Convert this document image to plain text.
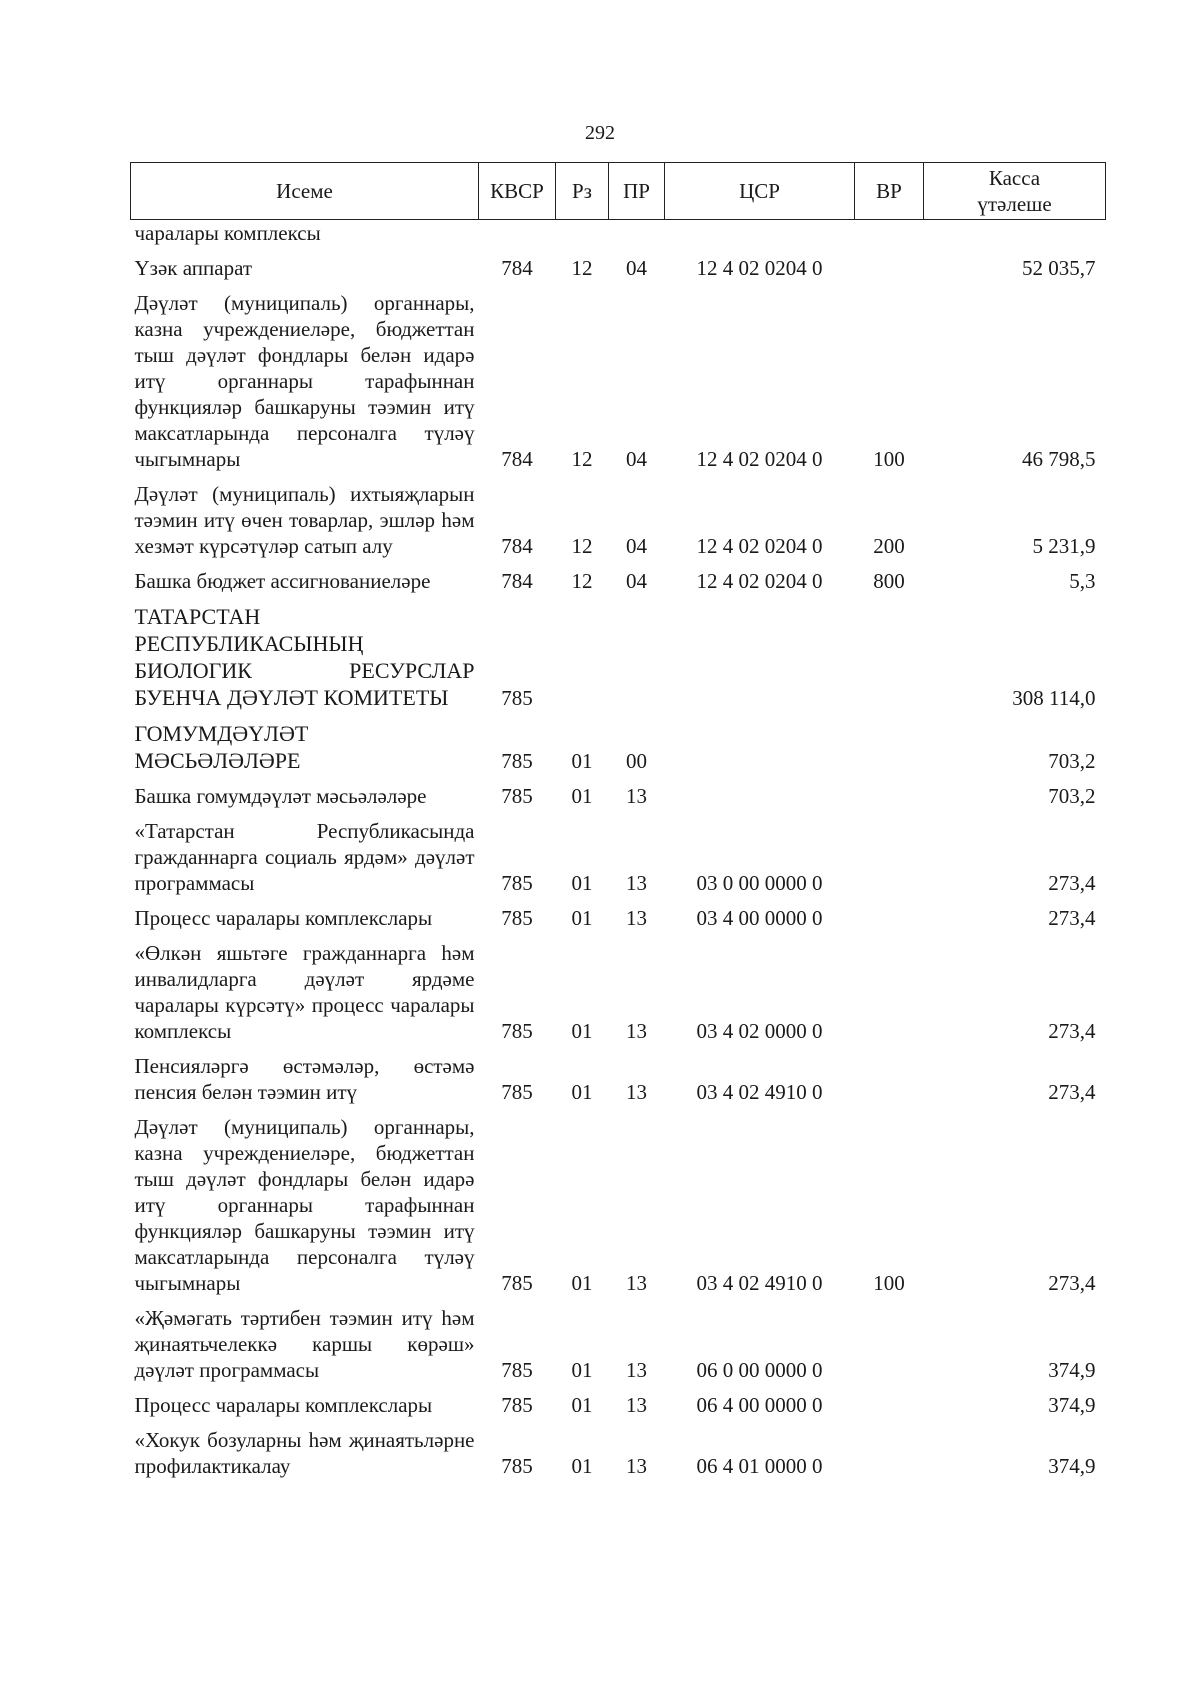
292
Исеме	КВСР	Рз	ПР	ЦСР	ВР	Касса
үтәлеше

чаралары комплексы						
Үзәк аппарат	784	12	04	12 4 02 0204 0		52 035,7
Дәүләт (муниципаль) органнары, казна учреждениеләре, бюджеттан тыш дәүләт фондлары белән идарә итү органнары тарафыннан функцияләр башкаруны тәэмин итү максатларында персоналга түләү чыгымнары	784	12	04	12 4 02 0204 0	100	46 798,5
Дәүләт (муниципаль) ихтыяҗларын тәэмин итү өчен товарлар, эшләр һәм хезмәт күрсәтүләр сатып алу	784	12	04	12 4 02 0204 0	200	5 231,9
Башка бюджет ассигнованиеләре	784	12	04	12 4 02 0204 0	800	5,3
ТАТАРСТАН РЕСПУБЛИКАСЫНЫҢ БИОЛОГИК РЕСУРСЛАР БУЕНЧА ДӘҮЛӘТ КОМИТЕТЫ	785					308 114,0
ГОМУМДӘҮЛӘТ МӘСЬӘЛӘЛӘРЕ	785	01	00			703,2
Башка гомумдәүләт мәсьәләләре	785	01	13			703,2
«Татарстан Республикасында гражданнарга социаль ярдәм» дәүләт программасы	785	01	13	03 0 00 0000 0		273,4
Процесс чаралары комплекслары	785	01	13	03 4 00 0000 0		273,4
«Өлкән яшьтәге гражданнарга һәм инвалидларга дәүләт ярдәме чаралары күрсәтү» процесс чаралары комплексы	785	01	13	03 4 02 0000 0		273,4
Пенсияләргә өстәмәләр, өстәмә пенсия белән тәэмин итү	785	01	13	03 4 02 4910 0		273,4
Дәүләт (муниципаль) органнары, казна учреждениеләре, бюджеттан тыш дәүләт фондлары белән идарә итү органнары тарафыннан функцияләр башкаруны тәэмин итү максатларында персоналга түләү чыгымнары	785	01	13	03 4 02 4910 0	100	273,4
«Җәмәгать тәртибен тәэмин итү һәм җинаятьчелеккә каршы көрәш» дәүләт программасы	785	01	13	06 0 00 0000 0		374,9
Процесс чаралары комплекслары	785	01	13	06 4 00 0000 0		374,9
«Хокук бозуларны һәм җинаятьләрне профилактикалау	785	01	13	06 4 01 0000 0		374,9
